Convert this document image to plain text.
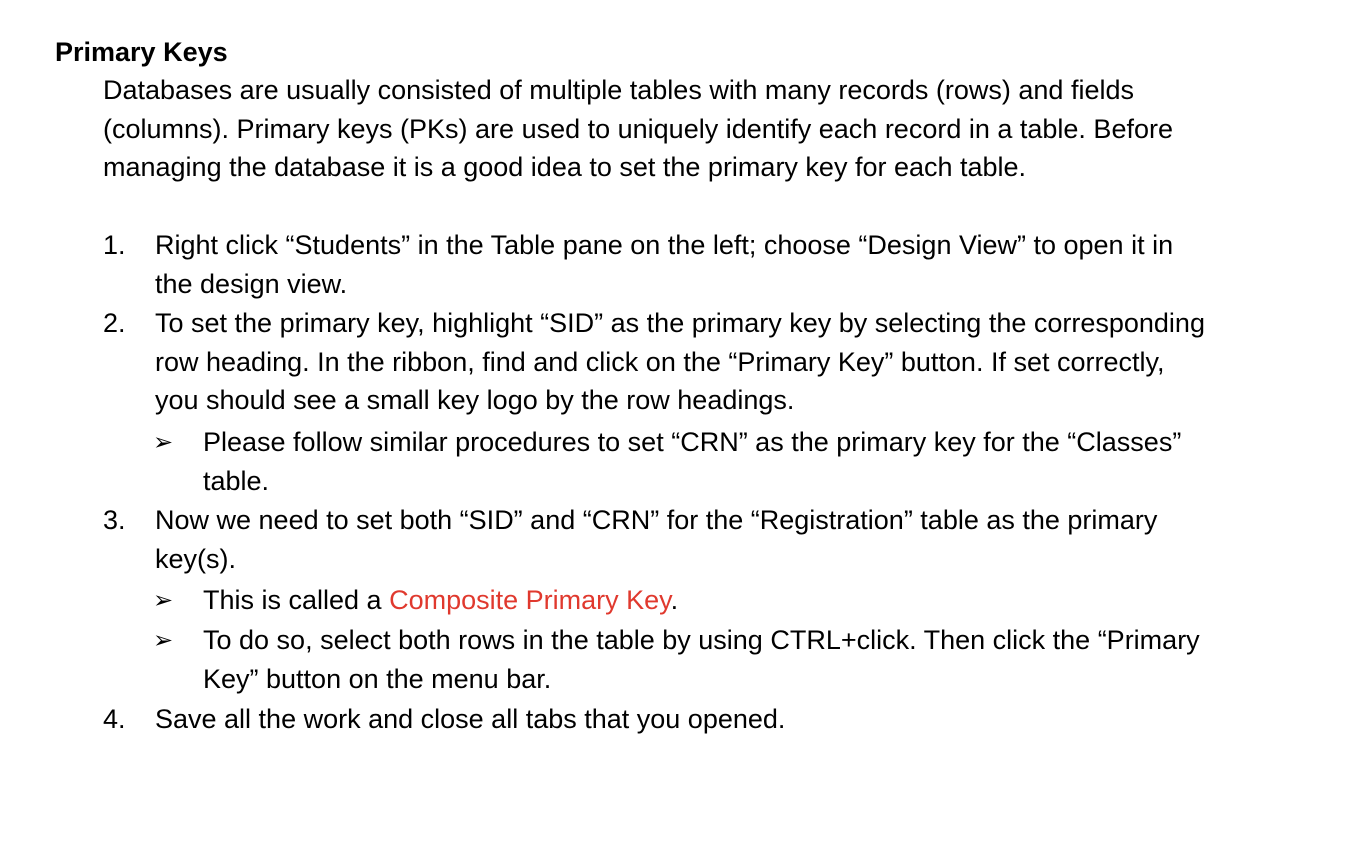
Primary Keys
Databases are usually consisted of multiple tables with many records (rows) and fields
(columns). Primary keys (PKs) are used to uniquely identify each record in a table. Before
managing the database it is a good idea to set the primary key for each table.
1. Right click “Students” in the Table pane on the left; choose “Design View” to open it in
the design view.
2. To set the primary key, highlight “SID” as the primary key by selecting the corresponding
row heading. In the ribbon, find and click on the “Primary Key” button. If set correctly,
you should see a small key logo by the row headings.
➢ Please follow similar procedures to set “CRN” as the primary key for the “Classes”
table.
3. Now we need to set both “SID” and “CRN” for the “Registration” table as the primary
key(s).
➢ This is called a Composite Primary Key.
➢ To do so, select both rows in the table by using CTRL+click. Then click the “Primary
Key” button on the menu bar.
4. Save all the work and close all tabs that you opened.
